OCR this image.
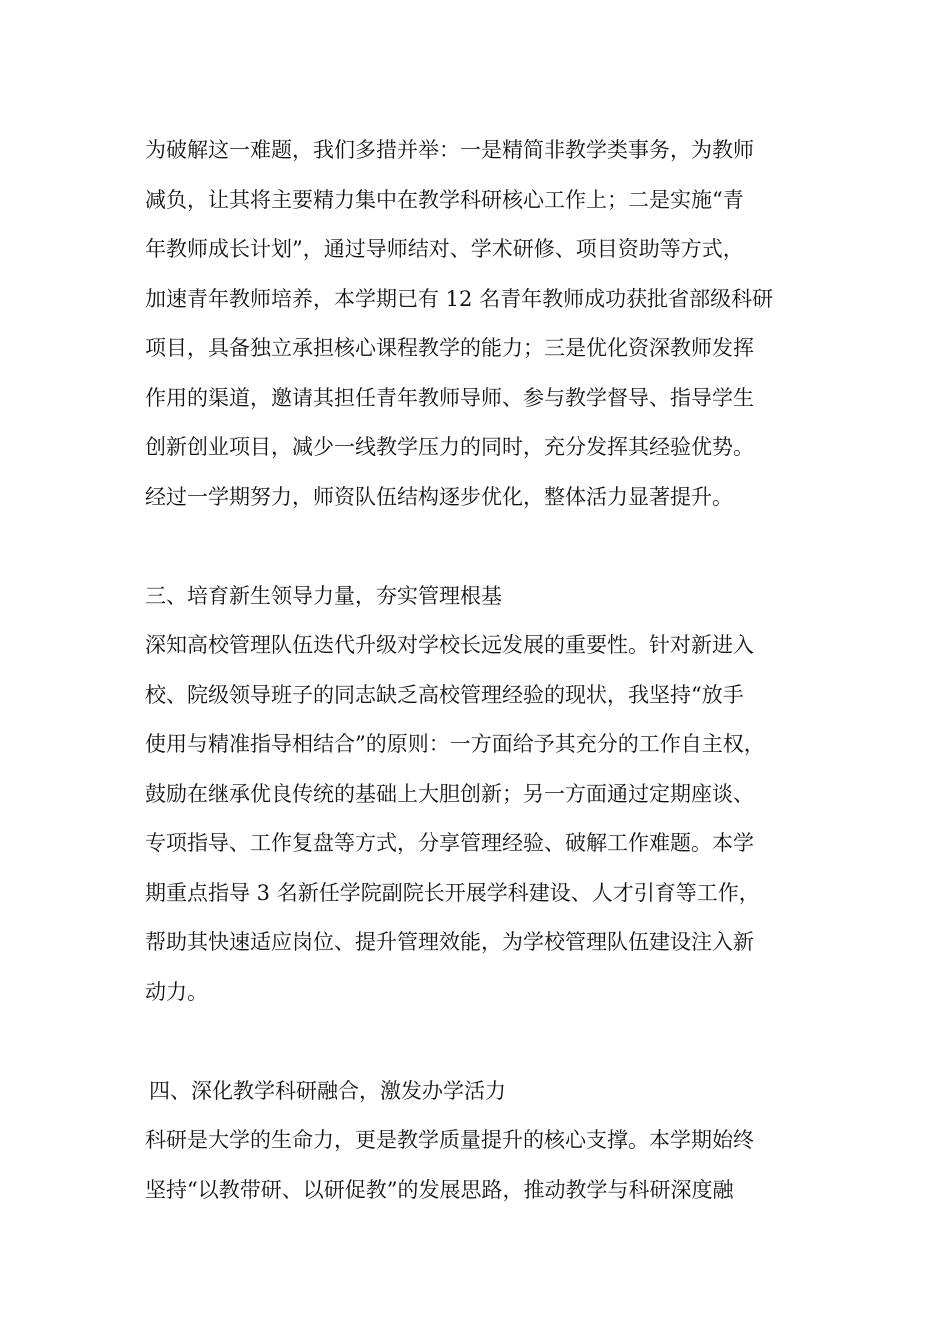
为破解这一难题，我们多措并举：一是精简非教学类事务，为教师
减负，让其将主要精力集中在教学科研核心工作上；二是实施“青
年教师成长计划”，通过导师结对、学术研修、项目资助等方式，
加速青年教师培养，本学期已有 12 名青年教师成功获批省部级科研
项目，具备独立承担核心课程教学的能力；三是优化资深教师发挥
作用的渠道，邀请其担任青年教师导师、参与教学督导、指导学生
创新创业项目，减少一线教学压力的同时，充分发挥其经验优势。
经过一学期努力，师资队伍结构逐步优化，整体活力显著提升。
三、培育新生领导力量，夯实管理根基
深知高校管理队伍迭代升级对学校长远发展的重要性。针对新进入
校、院级领导班子的同志缺乏高校管理经验的现状，我坚持“放手
使用与精准指导相结合”的原则：一方面给予其充分的工作自主权，
鼓励在继承优良传统的基础上大胆创新；另一方面通过定期座谈、
专项指导、工作复盘等方式，分享管理经验、破解工作难题。本学
期重点指导 3 名新任学院副院长开展学科建设、人才引育等工作，
帮助其快速适应岗位、提升管理效能，为学校管理队伍建设注入新
动力。
四、深化教学科研融合，激发办学活力
科研是大学的生命力，更是教学质量提升的核心支撑。本学期始终
坚持“以教带研、以研促教”的发展思路，推动教学与科研深度融
